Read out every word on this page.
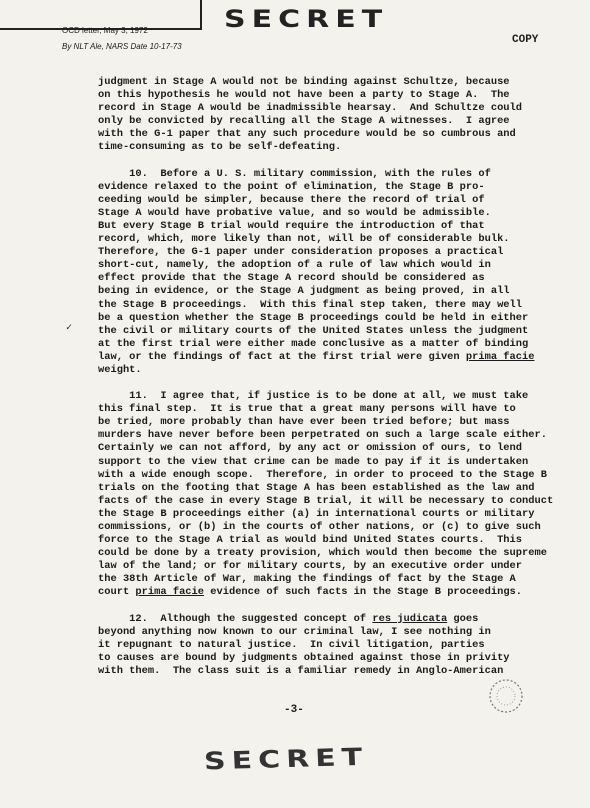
OCD letter, May 3, 1972
By NLT Ale, NARS Date 10-17-73
SECRET
COPY
✓
judgment in Stage A would not be binding against Schultze, because
on this hypothesis he would not have been a party to Stage A.  The
record in Stage A would be inadmissible hearsay.  And Schultze could
only be convicted by recalling all the Stage A witnesses.  I agree
with the G-1 paper that any such procedure would be so cumbrous and
time-consuming as to be self-defeating.
10.  Before a U. S. military commission, with the rules of
evidence relaxed to the point of elimination, the Stage B pro-
ceeding would be simpler, because there the record of trial of
Stage A would have probative value, and so would be admissible.
But every Stage B trial would require the introduction of that
record, which, more likely than not, will be of considerable bulk.
Therefore, the G-1 paper under consideration proposes a practical
short-cut, namely, the adoption of a rule of law which would in
effect provide that the Stage A record should be considered as
being in evidence, or the Stage A judgment as being proved, in all
the Stage B proceedings.  With this final step taken, there may well
be a question whether the Stage B proceedings could be held in either
the civil or military courts of the United States unless the judgment
at the first trial were either made conclusive as a matter of binding
law, or the findings of fact at the first trial were given prima facie
weight.
11.  I agree that, if justice is to be done at all, we must take
this final step.  It is true that a great many persons will have to
be tried, more probably than have ever been tried before; but mass
murders have never before been perpetrated on such a large scale either.
Certainly we can not afford, by any act or omission of ours, to lend
support to the view that crime can be made to pay if it is undertaken
with a wide enough scope.  Therefore, in order to proceed to the Stage B
trials on the footing that Stage A has been established as the law and
facts of the case in every Stage B trial, it will be necessary to conduct
the Stage B proceedings either (a) in international courts or military
commissions, or (b) in the courts of other nations, or (c) to give such
force to the Stage A trial as would bind United States courts.  This
could be done by a treaty provision, which would then become the supreme
law of the land; or for military courts, by an executive order under
the 38th Article of War, making the findings of fact by the Stage A
court prima facie evidence of such facts in the Stage B proceedings.
12.  Although the suggested concept of res judicata goes
beyond anything now known to our criminal law, I see nothing in
it repugnant to natural justice.  In civil litigation, parties
to causes are bound by judgments obtained against those in privity
with them.  The class suit is a familiar remedy in Anglo-American
-3-
SECRET
